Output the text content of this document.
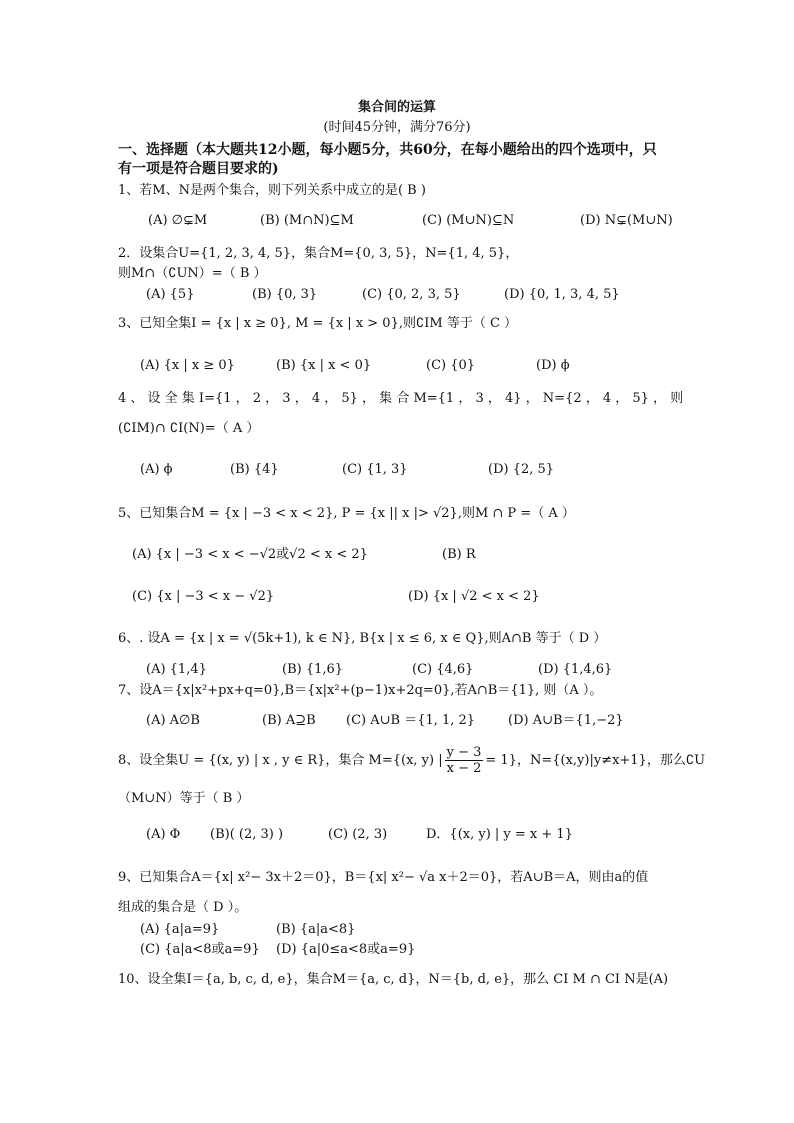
集合间的运算
(时间45分钟，满分76分)
一、选择题（本大题共12小题，每小题5分，共60分，在每小题给出的四个选项中，只
有一项是符合题目要求的)
1、若M、N是两个集合，则下列关系中成立的是( B )
(A) ∅⊊M	(B) (M∩N)⊆M	(C) (M∪N)⊆N	(D) N⊊(M∪N)
2．设集合U={1, 2, 3, 4, 5}，集合M={0, 3, 5}，N={1, 4, 5}，
则M∩（∁UN）=（ B ）
(A) {5}	(B) {0, 3}	(C) {0, 2, 3, 5}	(D) {0, 1, 3, 4, 5}
3、已知全集I = {x | x ≥ 0}, M = {x | x > 0},则∁IM 等于（ C ）
(A) {x | x ≥ 0}	(B) {x | x < 0}	(C) {0}	(D) ϕ
4 、 设 全 集 I={1 ， 2 ， 3 ， 4 ， 5} ， 集 合 M={1 ， 3 ， 4} ， N={2 ， 4 ， 5} ， 则
(∁IM)∩ ∁I(N)=（ A ）
(A) ϕ	(B) {4}	(C) {1, 3}	(D) {2, 5}
5、已知集合M = {x | −3 < x < 2}, P = {x || x |> √2},则M ∩ P =（ A ）
(A) {x | −3 < x < −√2或√2 < x < 2}	(B) R
(C) {x | −3 < x − √2}	(D) {x | √2 < x < 2}
6、. 设A = {x | x = √(5k+1), k ∈ N}, B{x | x ≤ 6, x ∈ Q},则A∩B 等于（ D ）
(A) {1,4}	(B) {1,6}	(C) {4,6}	(D) {1,4,6}
7、设A＝{x|x²+px+q=0},B＝{x|x²+(p−1)x+2q=0},若A∩B＝{1}, 则（A ）。
(A) A∅B	(B) A⊇B (C) A∪B ＝{1, 1, 2}	(D) A∪B＝{1,−2}
8、设全集U = {(x, y) | x , y ∈ R}，集合 M={(x, y) | $\frac{y - 3}{x - 2} = 1$}，N={(x,y)|y≠x+1}，那么∁U
（M∪N）等于（ B ）
(A) Φ (B)( (2, 3) )	(C) (2, 3)	D．{(x, y) | y = x + 1}
9、已知集合A＝{x| x²− 3x＋2＝0}，B＝{x| x²− √a x＋2＝0}，若A∪B＝A，则由a的值
组成的集合是（ D ）。
(A) {a|a=9}	(B) {a|a<8}
(C) {a|a<8或a=9} (D) {a|0≤a<8或a=9}
10、设全集I＝{a, b, c, d, e}，集合M＝{a, c, d}，N＝{b, d, e}，那么 CI M ∩ CI N是(A)
